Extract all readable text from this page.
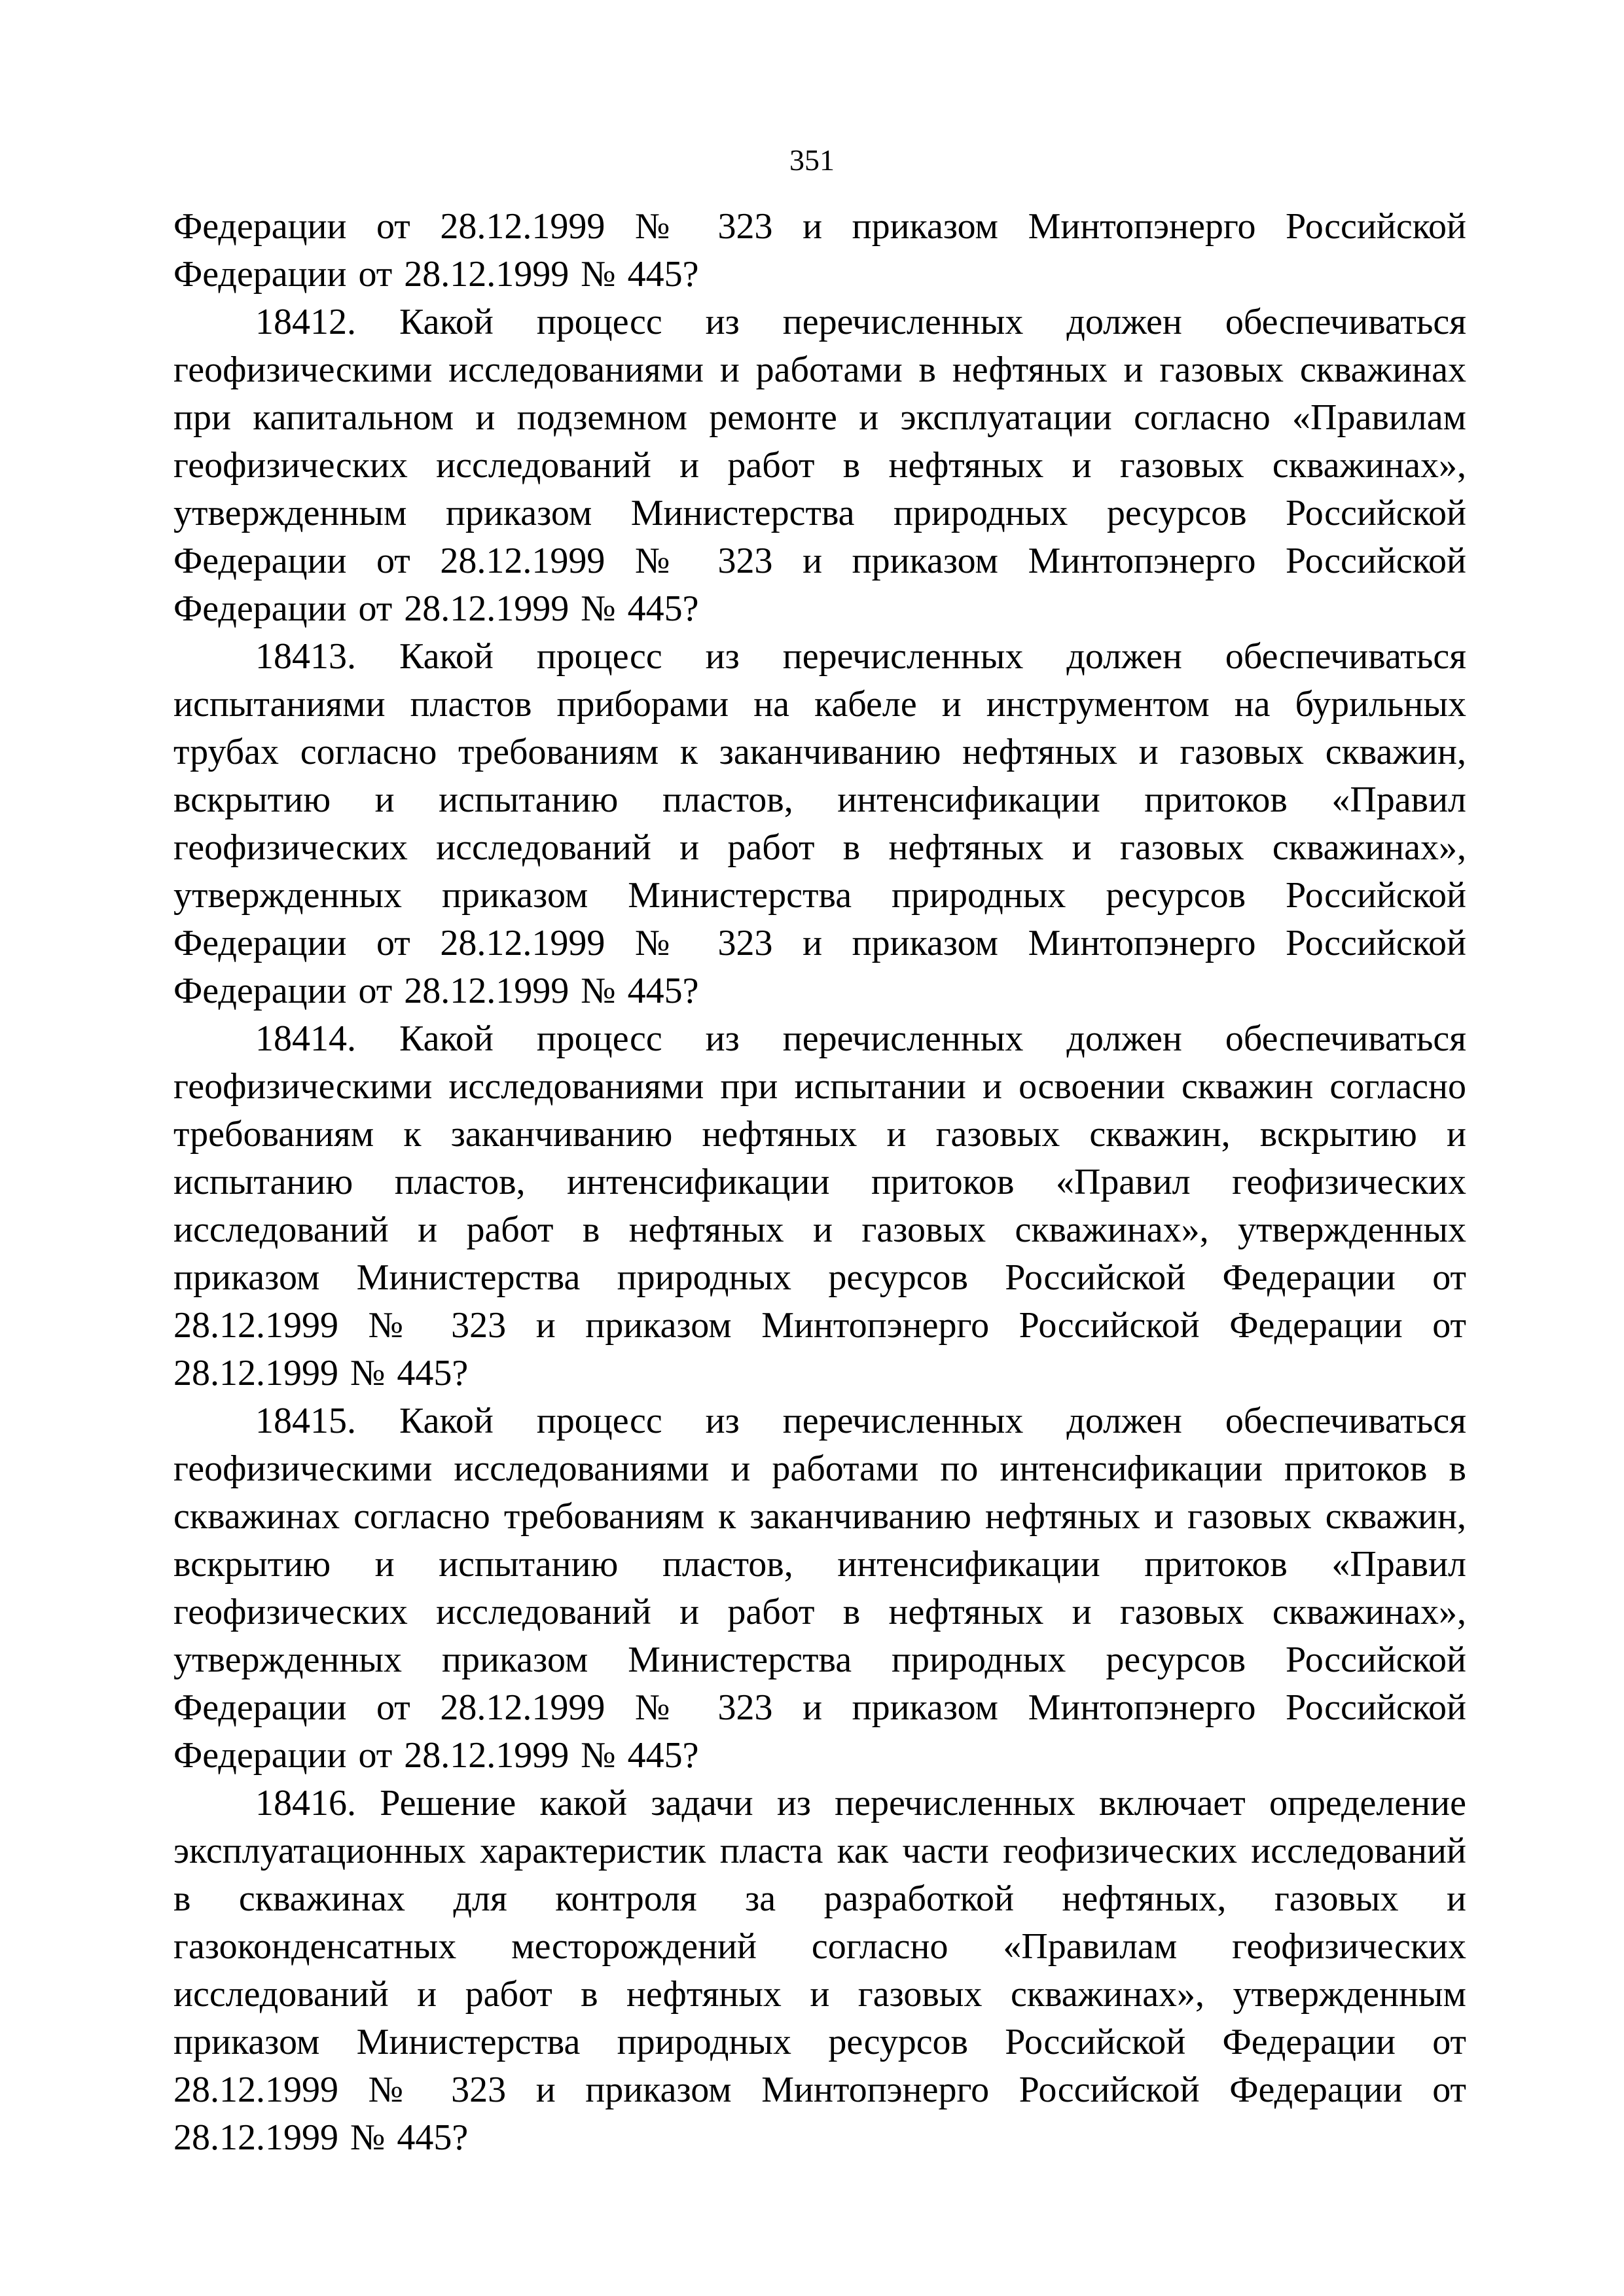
351

Федерации от 28.12.1999 № 323 и приказом Минтопэнерго Российской Федерации от 28.12.1999 № 445?

18412. Какой процесс из перечисленных должен обеспечиваться геофизическими исследованиями и работами в нефтяных и газовых скважинах при капитальном и подземном ремонте и эксплуатации согласно «Правилам геофизических исследований и работ в нефтяных и газовых скважинах», утвержденным приказом Министерства природных ресурсов Российской Федерации от 28.12.1999 № 323 и приказом Минтопэнерго Российской Федерации от 28.12.1999 № 445?

18413. Какой процесс из перечисленных должен обеспечиваться испытаниями пластов приборами на кабеле и инструментом на бурильных трубах согласно требованиям к заканчиванию нефтяных и газовых скважин, вскрытию и испытанию пластов, интенсификации притоков «Правил геофизических исследований и работ в нефтяных и газовых скважинах», утвержденных приказом Министерства природных ресурсов Российской Федерации от 28.12.1999 № 323 и приказом Минтопэнерго Российской Федерации от 28.12.1999 № 445?

18414. Какой процесс из перечисленных должен обеспечиваться геофизическими исследованиями при испытании и освоении скважин согласно требованиям к заканчиванию нефтяных и газовых скважин, вскрытию и испытанию пластов, интенсификации притоков «Правил геофизических исследований и работ в нефтяных и газовых скважинах», утвержденных приказом Министерства природных ресурсов Российской Федерации от 28.12.1999 № 323 и приказом Минтопэнерго Российской Федерации от 28.12.1999 № 445?

18415. Какой процесс из перечисленных должен обеспечиваться геофизическими исследованиями и работами по интенсификации притоков в скважинах согласно требованиям к заканчиванию нефтяных и газовых скважин, вскрытию и испытанию пластов, интенсификации притоков «Правил геофизических исследований и работ в нефтяных и газовых скважинах», утвержденных приказом Министерства природных ресурсов Российской Федерации от 28.12.1999 № 323 и приказом Минтопэнерго Российской Федерации от 28.12.1999 № 445?

18416. Решение какой задачи из перечисленных включает определение эксплуатационных характеристик пласта как части геофизических исследований в скважинах для контроля за разработкой нефтяных, газовых и газоконденсатных месторождений согласно «Правилам геофизических исследований и работ в нефтяных и газовых скважинах», утвержденным приказом Министерства природных ресурсов Российской Федерации от 28.12.1999 № 323 и приказом Минтопэнерго Российской Федерации от 28.12.1999 № 445?
